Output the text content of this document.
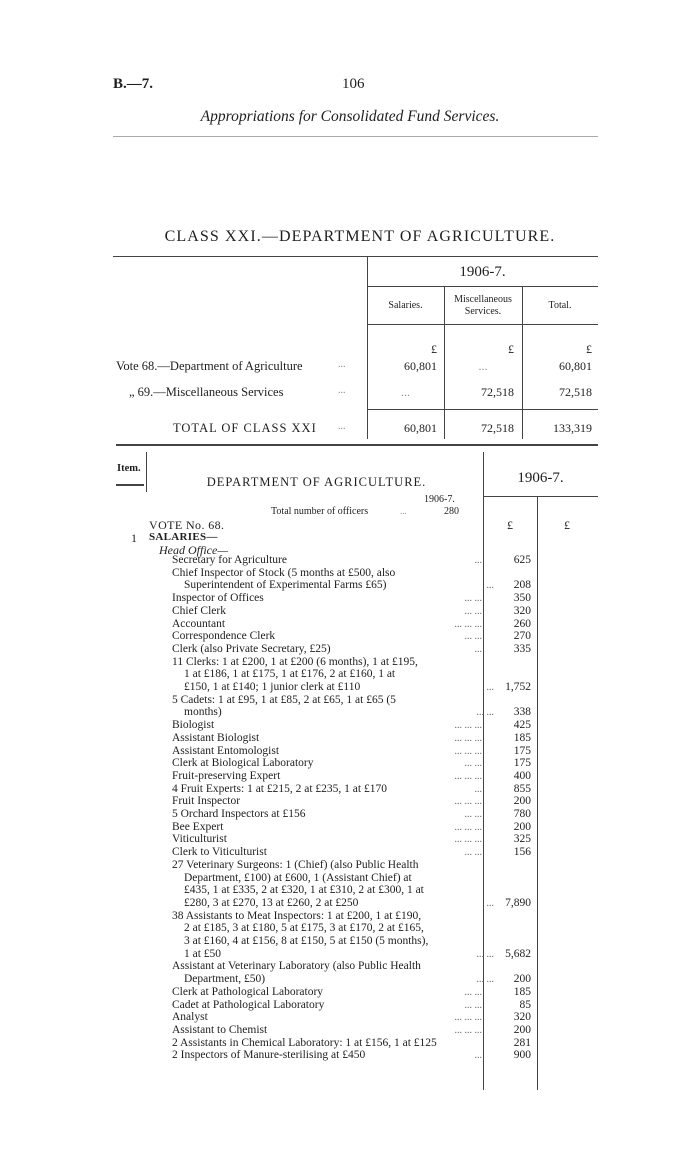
B.—7.	106
Appropriations for Consolidated Fund Services.
CLASS XXI.—DEPARTMENT OF AGRICULTURE.
1906-7.
Salaries.
Miscellaneous Services.
Total.
£	£	£
Vote 68.—Department of Agriculture	...	60,801	...	60,801
„ 69.—Miscellaneous Services	...	...	72,518	72,518
TOTAL OF CLASS XXI ...	60,801	72,518	133,319
Item.
DEPARTMENT OF AGRICULTURE.	1906-7.
1906-7.
Total number of officers	...	280
VOTE No. 68.	£	£
1 SALARIES—
Head Office—
Secretary for Agriculture	...	625
Chief Inspector of Stock (5 months at £500, also
Superintendent of Experimental Farms £65)	...	208
Inspector of Offices	... ...	350
Chief Clerk	... ...	320
Accountant	... ... ...	260
Correspondence Clerk	... ...	270
Clerk (also Private Secretary, £25)	...	335
11 Clerks: 1 at £200, 1 at £200 (6 months), 1 at £195,
1 at £186, 1 at £175, 1 at £176, 2 at £160, 1 at
£150, 1 at £140; 1 junior clerk at £110	... 1,752
5 Cadets: 1 at £95, 1 at £85, 2 at £65, 1 at £65 (5
months)	... ...	338
Biologist	... ... ...	425
Assistant Biologist	... ... ...	185
Assistant Entomologist	... ... ...	175
Clerk at Biological Laboratory	... ...	175
Fruit-preserving Expert	... ... ...	400
4 Fruit Experts: 1 at £215, 2 at £235, 1 at £170	...	855
Fruit Inspector	... ... ...	200
5 Orchard Inspectors at £156	... ...	780
Bee Expert	... ... ...	200
Viticulturist	... ... ...	325
Clerk to Viticulturist	... ...	156
27 Veterinary Surgeons: 1 (Chief) (also Public Health
Department, £100) at £600, 1 (Assistant Chief) at
£435, 1 at £335, 2 at £320, 1 at £310, 2 at £300, 1 at
£280, 3 at £270, 13 at £260, 2 at £250	... 7,890
38 Assistants to Meat Inspectors: 1 at £200, 1 at £190,
2 at £185, 3 at £180, 5 at £175, 3 at £170, 2 at £165,
3 at £160, 4 at £156, 8 at £150, 5 at £150 (5 months),
1 at £50	... ... 5,682
Assistant at Veterinary Laboratory (also Public Health
Department, £50)	... ...	200
Clerk at Pathological Laboratory	... ...	185
Cadet at Pathological Laboratory	... ...	85
Analyst	... ... ...	320
Assistant to Chemist	... ... ...	200
2 Assistants in Chemical Laboratory: 1 at £156, 1 at £125	281
2 Inspectors of Manure-sterilising at £450	...	900
